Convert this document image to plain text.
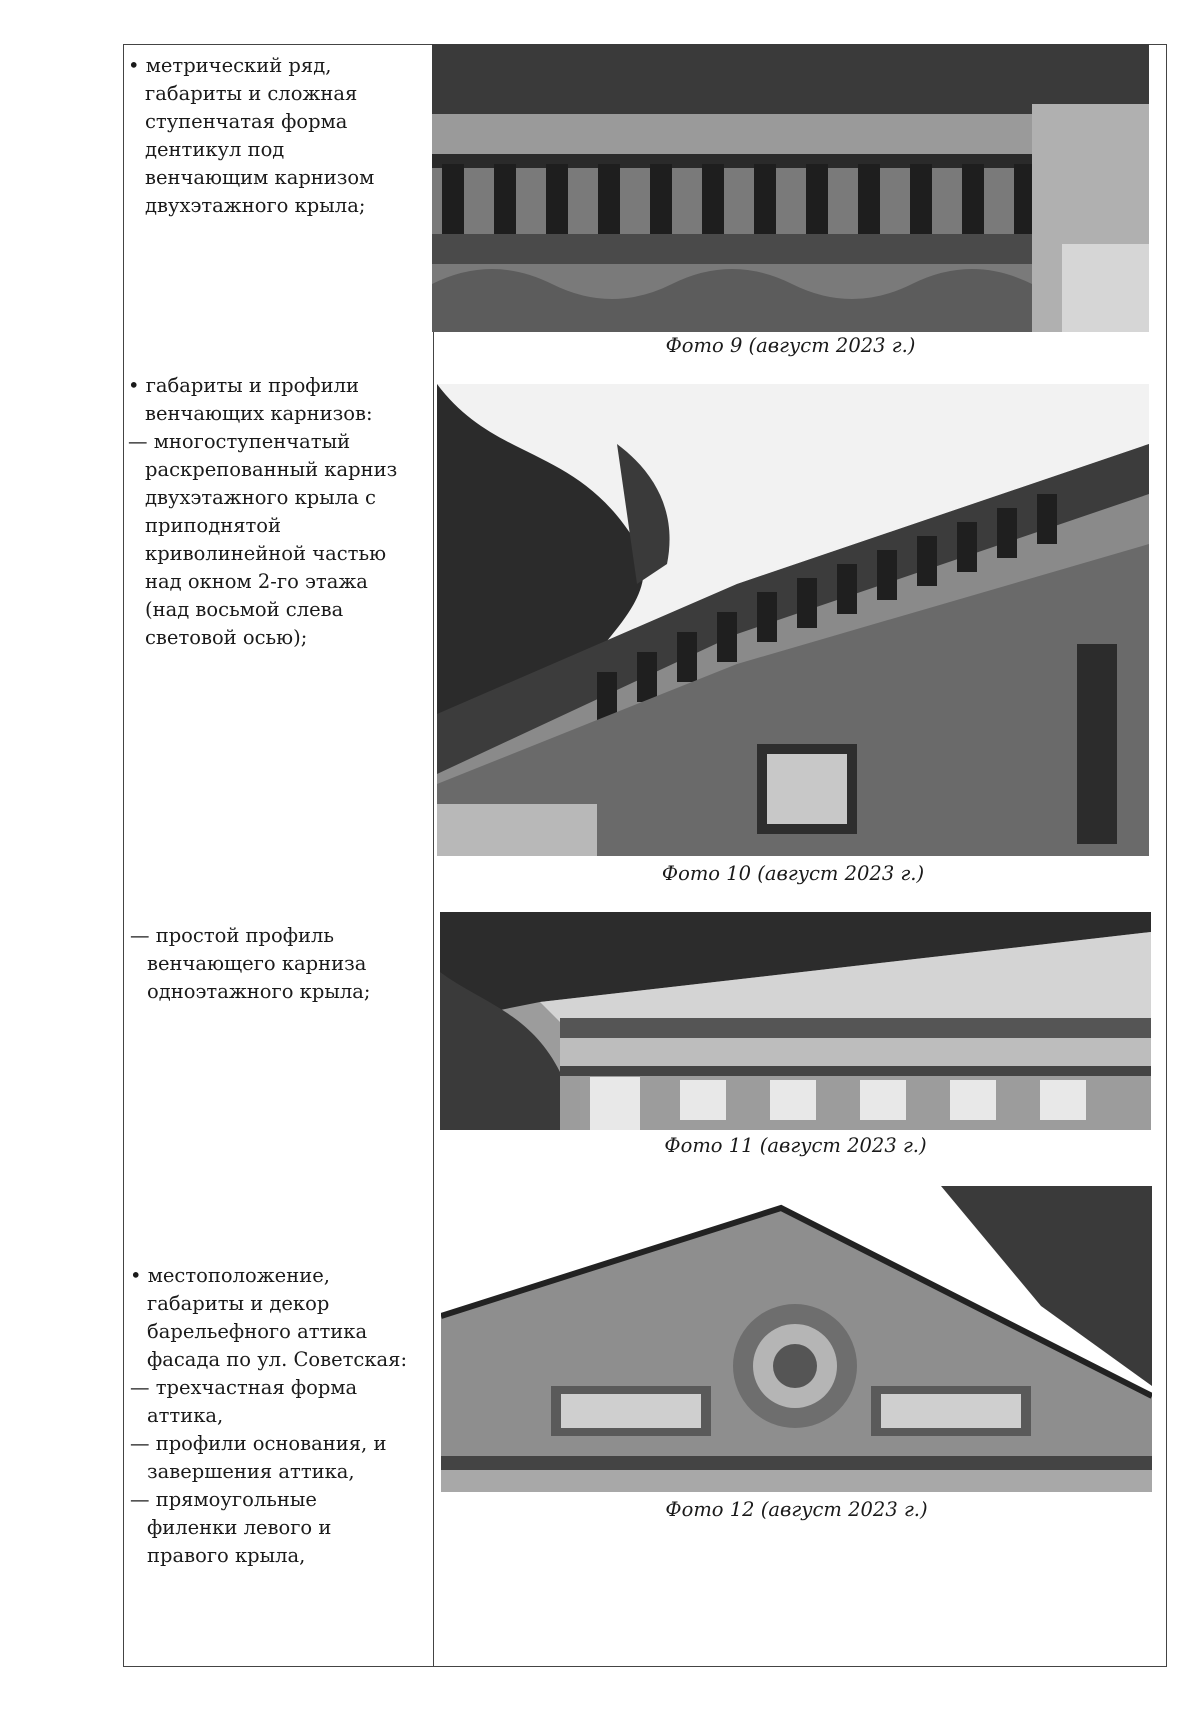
• метрический ряд,
габариты и сложная
ступенчатая форма
дентикул под
венчающим карнизом
двухэтажного крыла;
• габариты и профили
венчающих карнизов:
— многоступенчатый
раскрепованный карниз
двухэтажного крыла с
приподнятой
криволинейной частью
над окном 2-го этажа
(над восьмой слева
световой осью);
— простой профиль
венчающего карниза
одноэтажного крыла;
• местоположение,
габариты и декор
барельефного аттика
фасада по ул. Советская:
— трехчастная форма
аттика,
— профили основания, и
завершения аттика,
— прямоугольные
филенки левого и
правого крыла,
Фото 9 (август 2023 г.)
Фото 10 (август 2023 г.)
Фото 11 (август 2023 г.)
Фото 12 (август 2023 г.)
